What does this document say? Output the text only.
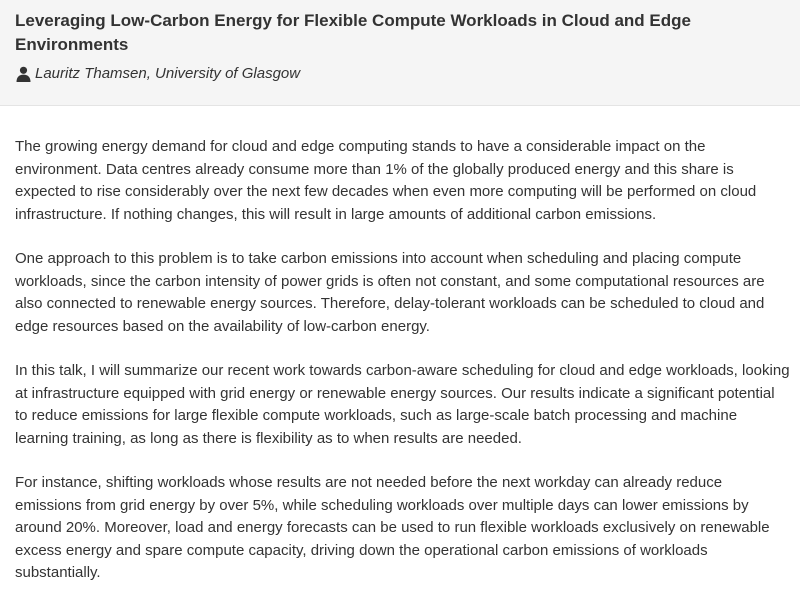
Leveraging Low-Carbon Energy for Flexible Compute Workloads in Cloud and Edge Environments
Lauritz Thamsen, University of Glasgow

The growing energy demand for cloud and edge computing stands to have a considerable impact on the environment. Data centres already consume more than 1% of the globally produced energy and this share is expected to rise considerably over the next few decades when even more computing will be performed on cloud infrastructure. If nothing changes, this will result in large amounts of additional carbon emissions.

One approach to this problem is to take carbon emissions into account when scheduling and placing compute workloads, since the carbon intensity of power grids is often not constant, and some computational resources are also connected to renewable energy sources. Therefore, delay-tolerant workloads can be scheduled to cloud and edge resources based on the availability of low-carbon energy.

In this talk, I will summarize our recent work towards carbon-aware scheduling for cloud and edge workloads, looking at infrastructure equipped with grid energy or renewable energy sources. Our results indicate a significant potential to reduce emissions for large flexible compute workloads, such as large-scale batch processing and machine learning training, as long as there is flexibility as to when results are needed.

For instance, shifting workloads whose results are not needed before the next workday can already reduce emissions from grid energy by over 5%, while scheduling workloads over multiple days can lower emissions by around 20%. Moreover, load and energy forecasts can be used to run flexible workloads exclusively on renewable excess energy and spare compute capacity, driving down the operational carbon emissions of workloads substantially.
